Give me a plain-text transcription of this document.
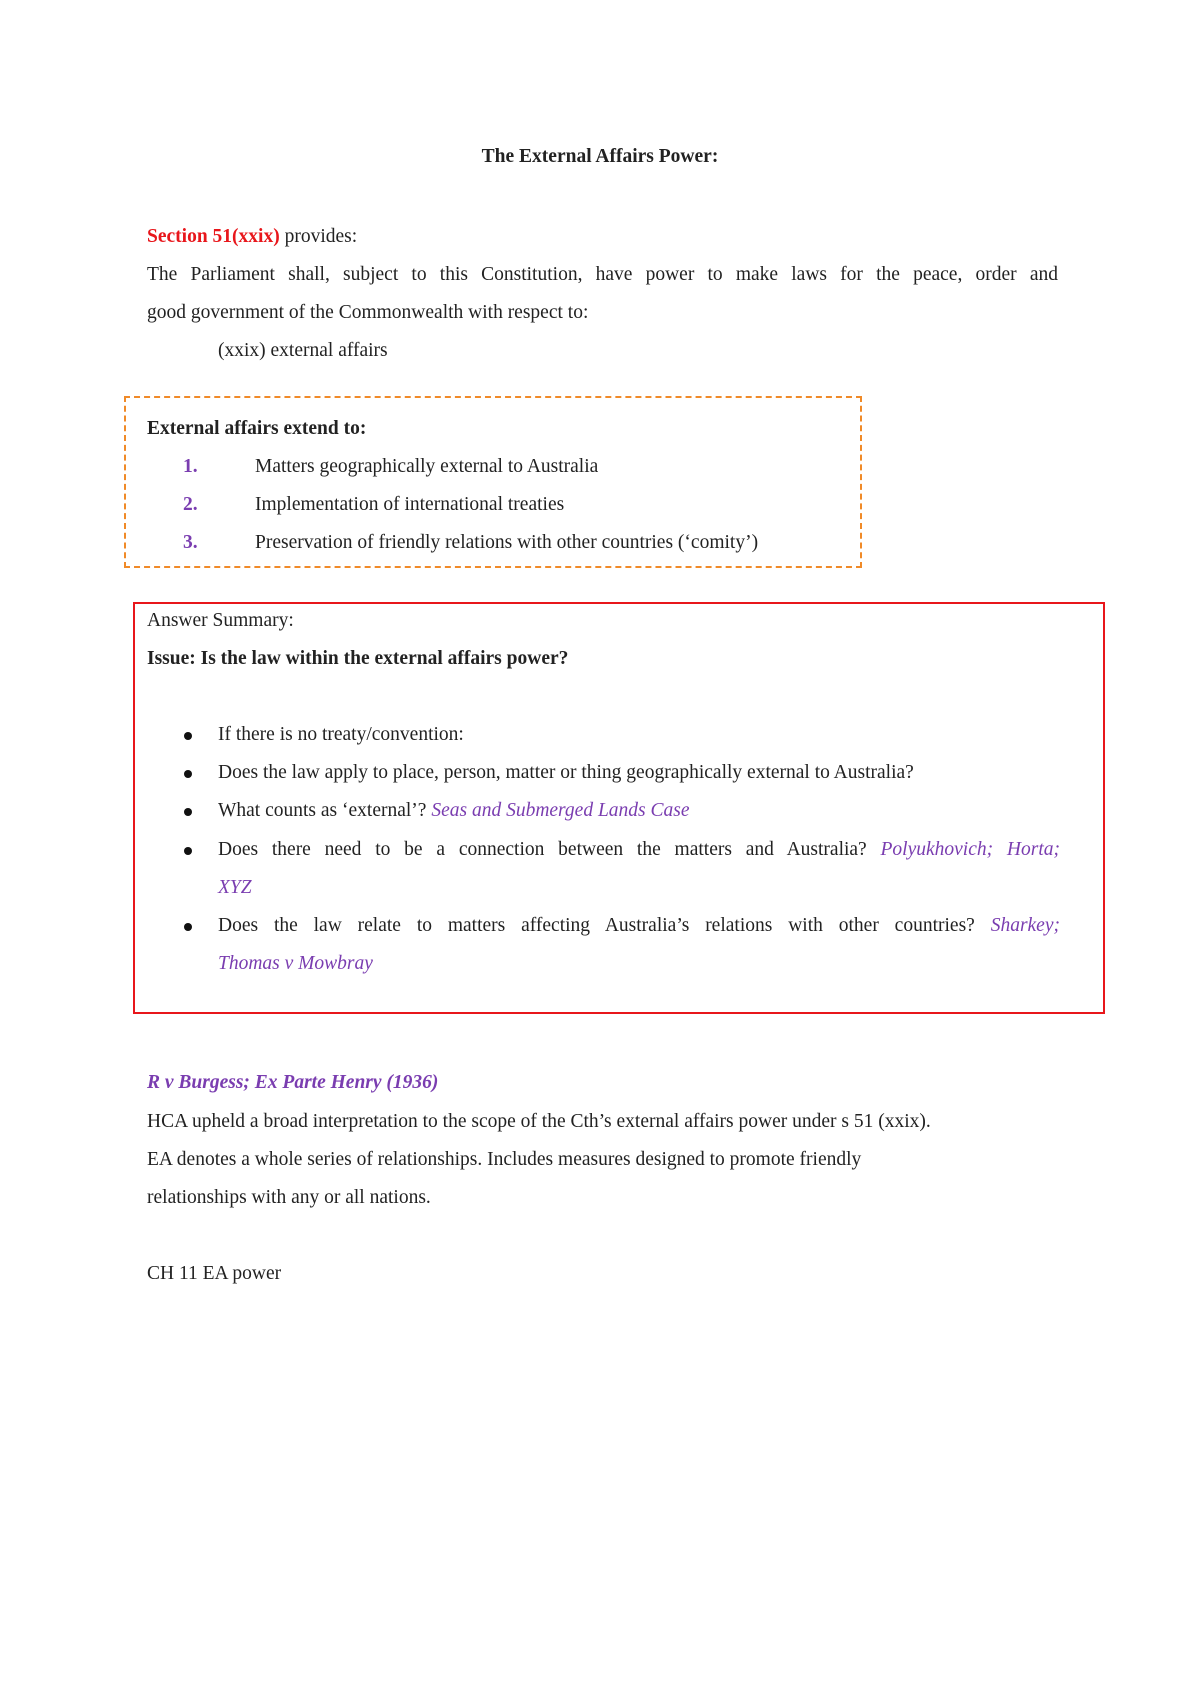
The External Affairs Power:
Section 51(xxix) provides:
The Parliament shall, subject to this Constitution, have power to make laws for the peace, order and
good government of the Commonwealth with respect to:
(xxix) external affairs
External affairs extend to:
1.	Matters geographically external to Australia
2.	Implementation of international treaties
3.	Preservation of friendly relations with other countries (‘comity’)
Answer Summary:
Issue: Is the law within the external affairs power?
If there is no treaty/convention:
Does the law apply to place, person, matter or thing geographically external to Australia?
What counts as ‘external’? Seas and Submerged Lands Case
Does there need to be a connection between the matters and Australia? Polyukhovich; Horta;
XYZ
Does the law relate to matters affecting Australia’s relations with other countries? Sharkey;
Thomas v Mowbray
R v Burgess; Ex Parte Henry (1936)
HCA upheld a broad interpretation to the scope of the Cth’s external affairs power under s 51 (xxix).
EA denotes a whole series of relationships. Includes measures designed to promote friendly
relationships with any or all nations.
CH 11 EA power
